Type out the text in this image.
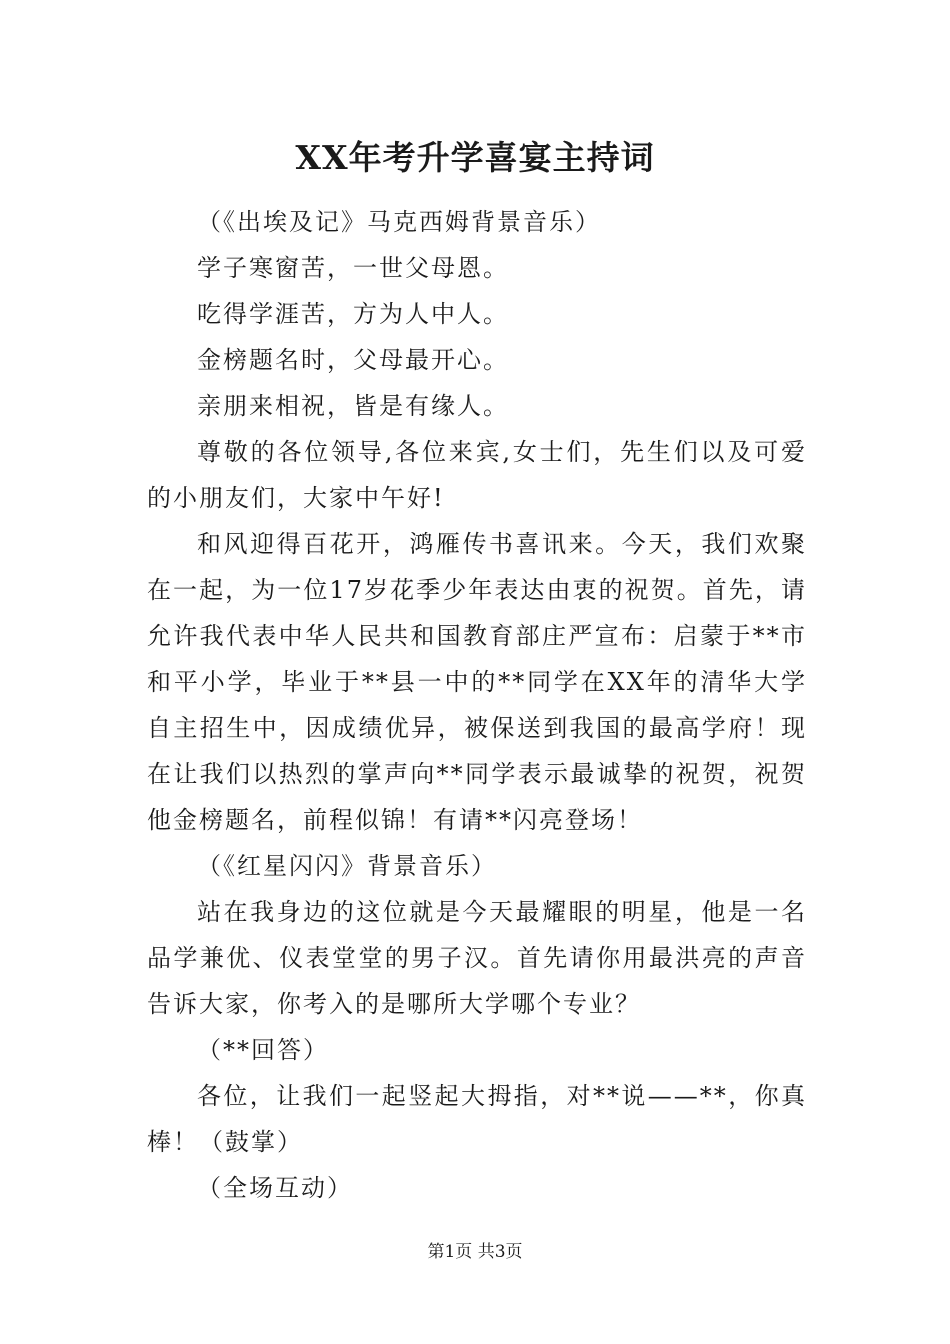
XX年考升学喜宴主持词

（《出埃及记》马克西姆背景音乐）

学子寒窗苦，一世父母恩。

吃得学涯苦，方为人中人。

金榜题名时，父母最开心。

亲朋来相祝，皆是有缘人。

尊敬的各位领导,各位来宾,女士们，先生们以及可爱的小朋友们，大家中午好!

和风迎得百花开，鸿雁传书喜讯来。今天，我们欢聚在一起，为一位17岁花季少年表达由衷的祝贺。首先，请允许我代表中华人民共和国教育部庄严宣布：启蒙于**市和平小学，毕业于**县一中的**同学在XX年的清华大学自主招生中，因成绩优异，被保送到我国的最高学府！现在让我们以热烈的掌声向**同学表示最诚挚的祝贺，祝贺他金榜题名，前程似锦！有请**闪亮登场！

（《红星闪闪》背景音乐）

站在我身边的这位就是今天最耀眼的明星，他是一名品学兼优、仪表堂堂的男子汉。首先请你用最洪亮的声音告诉大家，你考入的是哪所大学哪个专业？

（**回答）

各位，让我们一起竖起大拇指，对**说——**，你真棒！（鼓掌）

（全场互动）

第1页 共3页
